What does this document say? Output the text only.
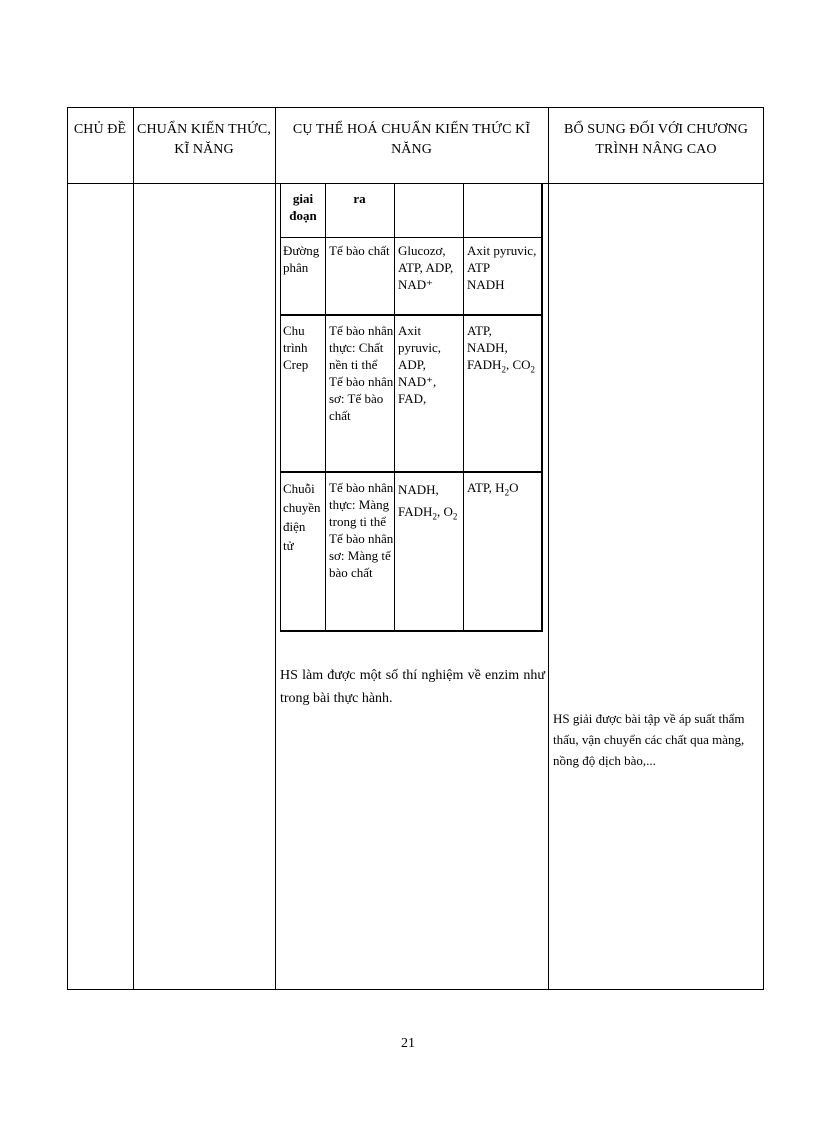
CHỦ ĐỀ CHUẨN KIẾN THỨC,
KĨ NĂNG
CỤ THỂ HOÁ CHUẨN KIẾN THỨC KĨ NĂNG
BỔ SUNG ĐỐI VỚI CHƯƠNG
TRÌNH NÂNG CAO
giai
đoạn
ra
Đường
phân
Tế bào chất Glucozơ,
ATP, ADP,
NAD⁺
Axit pyruvic,
ATP
NADH
Chu
trình
Crep
Tế bào nhân
thực: Chất
nền ti thể
Tế bào nhân
sơ: Tế bào
chất
Axit
pyruvic,
ADP,
NAD⁺,
FAD,
ATP,
NADH,
$FADH_2$, $CO_2$
Chuỗi
chuyền
điện
tử
Tế bào nhân
thực: Màng
trong ti thể
Tế bào nhân
sơ: Màng tế
bào chất
NADH,
$FADH_2$, $O_2$
ATP, $H_2O$
HS làm được một số thí nghiệm về enzim như trong bài thực hành.
HS giải được bài tập về áp suất thẩm thấu, vận chuyển các chất qua màng, nồng độ dịch bào,...
21
